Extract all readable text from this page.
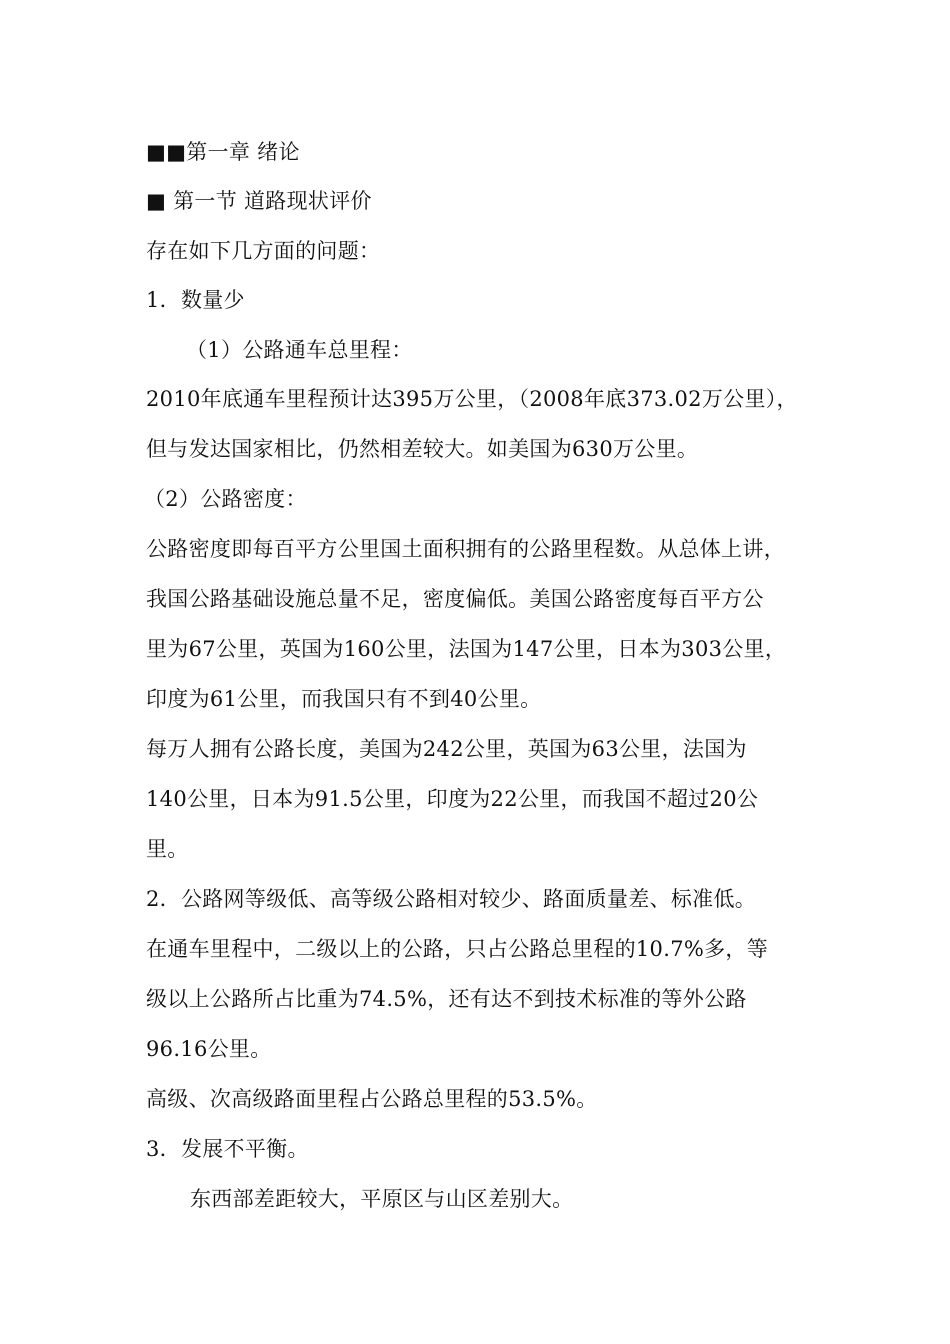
■■第一章 绪论
■ 第一节 道路现状评价
存在如下几方面的问题：
1．数量少
（1）公路通车总里程：
2010年底通车里程预计达395万公里，（2008年底373.02万公里），
但与发达国家相比，仍然相差较大。如美国为630万公里。
（2）公路密度：
公路密度即每百平方公里国土面积拥有的公路里程数。从总体上讲，
我国公路基础设施总量不足，密度偏低。美国公路密度每百平方公
里为67公里，英国为160公里，法国为147公里，日本为303公里，
印度为61公里，而我国只有不到40公里。
每万人拥有公路长度，美国为242公里，英国为63公里，法国为
140公里，日本为91.5公里，印度为22公里，而我国不超过20公
里。
2．公路网等级低、高等级公路相对较少、路面质量差、标准低。
在通车里程中，二级以上的公路，只占公路总里程的10.7%多，等
级以上公路所占比重为74.5%，还有达不到技术标准的等外公路
96.16公里。
高级、次高级路面里程占公路总里程的53.5%。
3．发展不平衡。
东西部差距较大，平原区与山区差别大。
